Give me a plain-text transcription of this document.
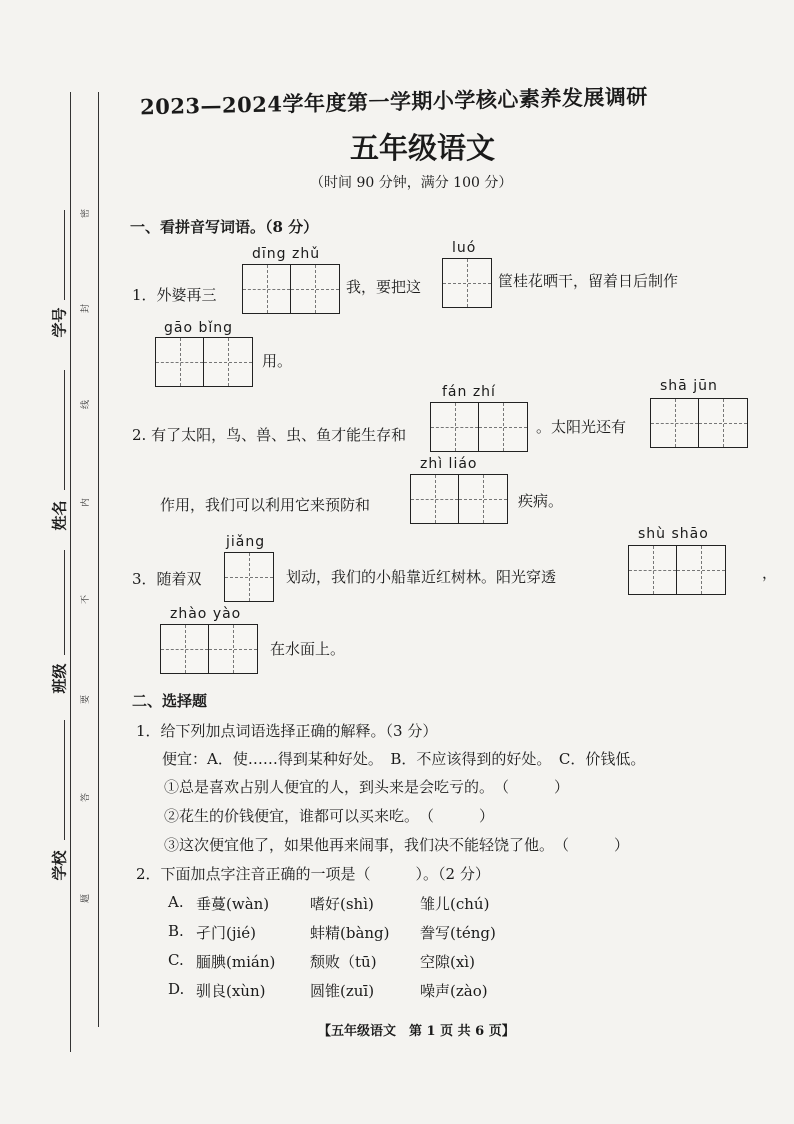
学号
姓名
班级
学校
密
封
线
内
不
要
答
题
2023—2024学年度第一学期小学核心素养发展调研
五年级语文
（时间 90 分钟，满分 100 分）
一、看拼音写词语。（8 分）
1．外婆再三
dīng zhǔ
我，要把这
luó
筐桂花晒干，留着日后制作
gāo bǐng
用。
2. 有了太阳，鸟、兽、虫、鱼才能生存和
fán zhí
。太阳光还有
shā jūn
作用，我们可以利用它来预防和
zhì liáo
疾病。
3．随着双
jiǎng
划动，我们的小船靠近红树林。阳光穿透
shù shāo
，
zhào yào
在水面上。
二、选择题
1．给下列加点词语选择正确的解释。（3 分）
便宜：A．使……得到某种好处。　B．不应该得到的好处。　C．价钱低。
①总是喜欢占别人便宜的人，到头来是会吃亏的。　（　　　）
②花生的价钱便宜，谁都可以买来吃。　（　　　）
③这次便宜他了，如果他再来闹事，我们决不能轻饶了他。　（　　　）
2．下面加点字注音正确的一项是（　　　）。（2 分）
A. 垂蔓(wàn)	嗜好(shì)	雏儿(chú)
B. 孑门(jié)	蚌精(bàng) 誊写(téng)
C. 腼腆(mián) 颓败（tū)	空隙(xì)
D. 驯良(xùn)	圆锥(zuī)	噪声(zào)
【五年级语文　第 1 页 共 6 页】
